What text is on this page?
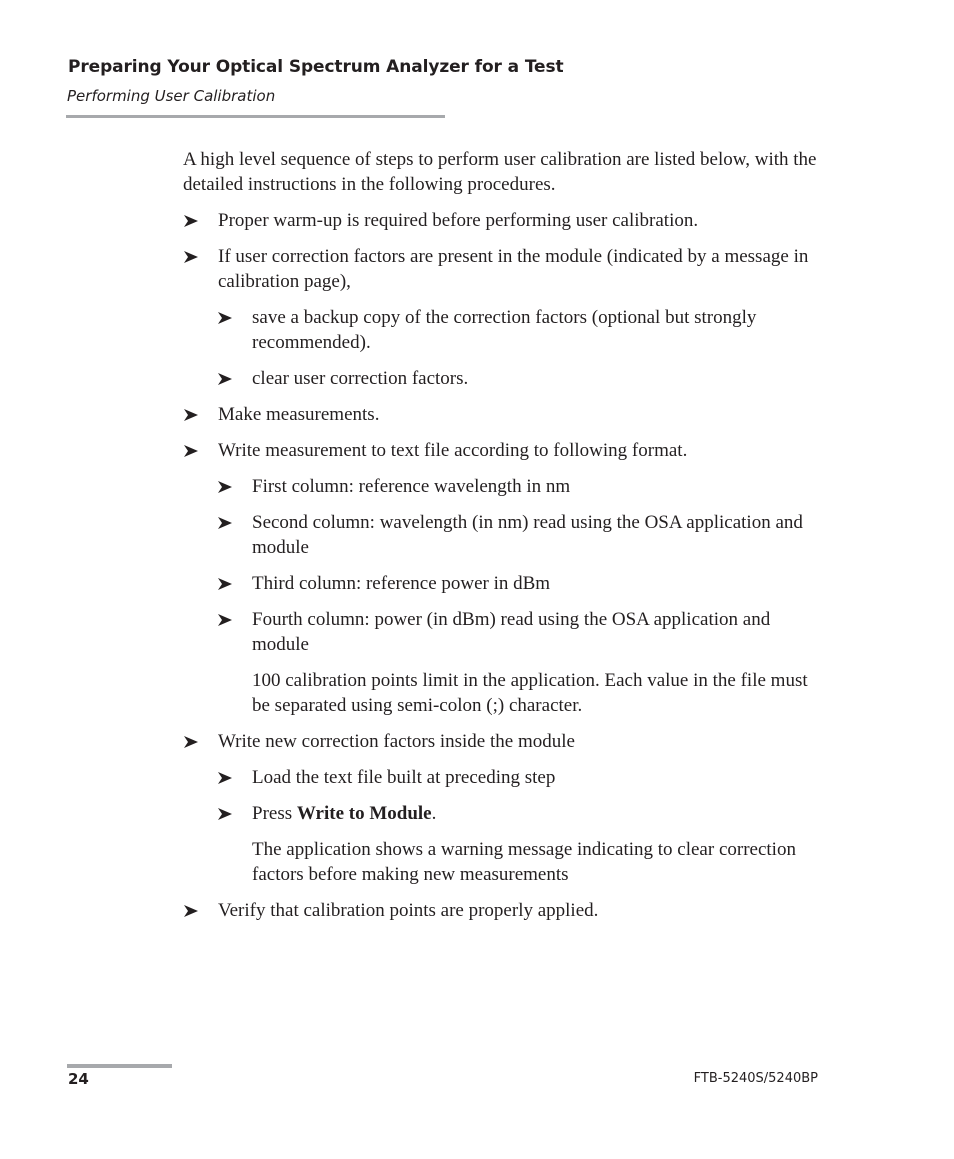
Preparing Your Optical Spectrum Analyzer for a Test
Performing User Calibration

A high level sequence of steps to perform user calibration are listed below, with the detailed instructions in the following procedures.

Proper warm-up is required before performing user calibration.
If user correction factors are present in the module (indicated by a message in calibration page),
save a backup copy of the correction factors (optional but strongly recommended).
clear user correction factors.
Make measurements.
Write measurement to text file according to following format.
First column: reference wavelength in nm
Second column: wavelength (in nm) read using the OSA application and module
Third column: reference power in dBm
Fourth column: power (in dBm) read using the OSA application and module

100 calibration points limit in the application. Each value in the file must be separated using semi-colon (;) character.

Write new correction factors inside the module
Load the text file built at preceding step
Press Write to Module.

The application shows a warning message indicating to clear correction factors before making new measurements

Verify that calibration points are properly applied.
24	FTB-5240S/5240BP
